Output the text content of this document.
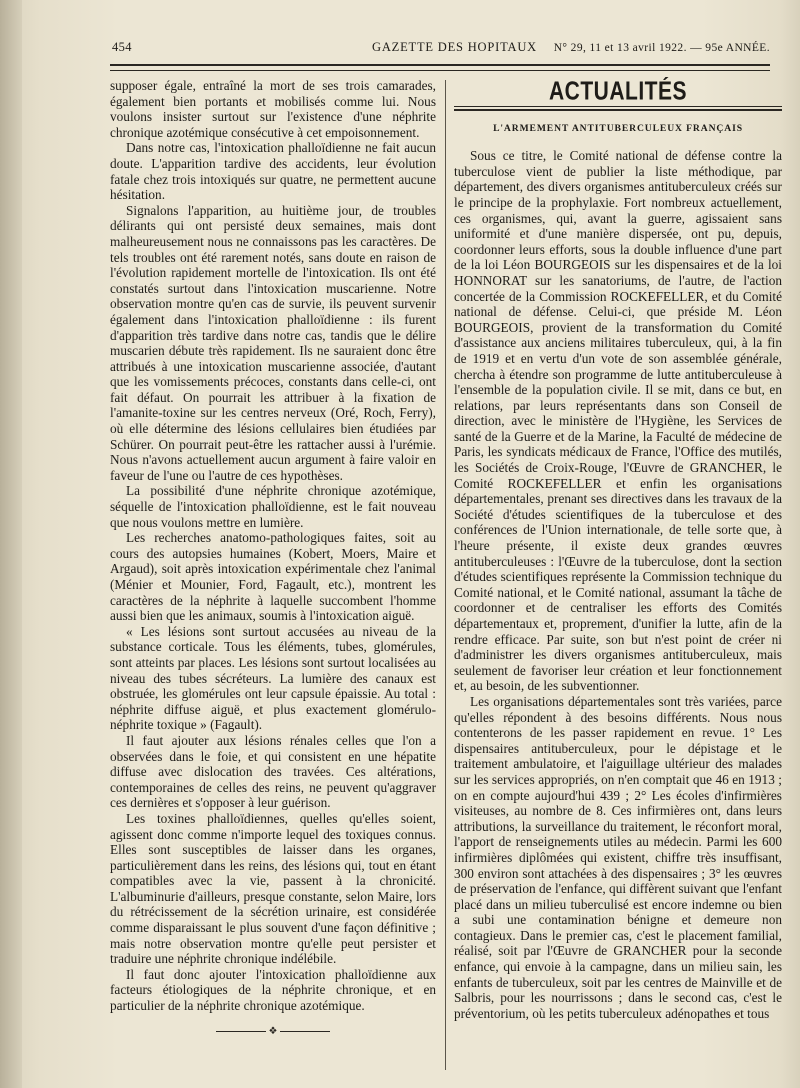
454	GAZETTE DES HOPITAUX N° 29, 11 et 13 avril 1922. — 95e ANNÉE.

supposer égale, entraîné la mort de ses trois camarades, également bien portants et mobilisés comme lui. Nous voulons insister surtout sur l'existence d'une néphrite chronique azotémique consécutive à cet empoisonnement.

Dans notre cas, l'intoxication phalloïdienne ne fait aucun doute. L'apparition tardive des accidents, leur évolution fatale chez trois intoxiqués sur quatre, ne permettent aucune hésitation.

Signalons l'apparition, au huitième jour, de troubles délirants qui ont persisté deux semaines, mais dont malheureusement nous ne connaissons pas les caractères. De tels troubles ont été rarement notés, sans doute en raison de l'évolution rapidement mortelle de l'intoxication. Ils ont été constatés surtout dans l'intoxication muscarienne. Notre observation montre qu'en cas de survie, ils peuvent survenir également dans l'intoxication phalloïdienne : ils furent d'apparition très tardive dans notre cas, tandis que le délire muscarien débute très rapidement. Ils ne sauraient donc être attribués à une intoxication muscarienne associée, d'autant que les vomissements précoces, constants dans celle-ci, ont fait défaut. On pourrait les attribuer à la fixation de l'amanite-toxine sur les centres nerveux (Oré, Roch, Ferry), où elle détermine des lésions cellulaires bien étudiées par Schürer. On pourrait peut-être les rattacher aussi à l'urémie. Nous n'avons actuellement aucun argument à faire valoir en faveur de l'une ou l'autre de ces hypothèses.

La possibilité d'une néphrite chronique azotémique, séquelle de l'intoxication phalloïdienne, est le fait nouveau que nous voulons mettre en lumière.

Les recherches anatomo-pathologiques faites, soit au cours des autopsies humaines (Kobert, Moers, Maire et Argaud), soit après intoxication expérimentale chez l'animal (Ménier et Mounier, Ford, Fagault, etc.), montrent les caractères de la néphrite à laquelle succombent l'homme aussi bien que les animaux, soumis à l'intoxication aiguë.

« Les lésions sont surtout accusées au niveau de la substance corticale. Tous les éléments, tubes, glomérules, sont atteints par places. Les lésions sont surtout localisées au niveau des tubes sécréteurs. La lumière des canaux est obstruée, les glomérules ont leur capsule épaissie. Au total : néphrite diffuse aiguë, et plus exactement glomérulo-néphrite toxique » (Fagault).

Il faut ajouter aux lésions rénales celles que l'on a observées dans le foie, et qui consistent en une hépatite diffuse avec dislocation des travées. Ces altérations, contemporaines de celles des reins, ne peuvent qu'aggraver ces dernières et s'opposer à leur guérison.

Les toxines phalloïdiennes, quelles qu'elles soient, agissent donc comme n'importe lequel des toxiques connus. Elles sont susceptibles de laisser dans les organes, particulièrement dans les reins, des lésions qui, tout en étant compatibles avec la vie, passent à la chronicité. L'albuminurie d'ailleurs, presque constante, selon Maire, lors du rétrécissement de la sécrétion urinaire, est considérée comme disparaissant le plus souvent d'une façon définitive ; mais notre observation montre qu'elle peut persister et traduire une néphrite chronique indélébile.

Il faut donc ajouter l'intoxication phalloïdienne aux facteurs étiologiques de la néphrite chronique, et en particulier de la néphrite chronique azotémique.

❖
ACTUALITÉS
L'ARMEMENT ANTITUBERCULEUX FRANÇAIS

Sous ce titre, le Comité national de défense contre la tuberculose vient de publier la liste méthodique, par département, des divers organismes antituberculeux créés sur le principe de la prophylaxie. Fort nombreux actuellement, ces organismes, qui, avant la guerre, agissaient sans uniformité et d'une manière dispersée, ont pu, depuis, coordonner leurs efforts, sous la double influence d'une part de la loi Léon BOURGEOIS sur les dispensaires et de la loi HONNORAT sur les sanatoriums, de l'autre, de l'action concertée de la Commission ROCKEFELLER, et du Comité national de défense. Celui-ci, que préside M. Léon BOURGEOIS, provient de la transformation du Comité d'assistance aux anciens militaires tuberculeux, qui, à la fin de 1919 et en vertu d'un vote de son assemblée générale, chercha à étendre son programme de lutte antituberculeuse à l'ensemble de la population civile. Il se mit, dans ce but, en relations, par leurs représentants dans son Conseil de direction, avec le ministère de l'Hygiène, les Services de santé de la Guerre et de la Marine, la Faculté de médecine de Paris, les syndicats médicaux de France, l'Office des mutilés, les Sociétés de Croix-Rouge, l'Œuvre de GRANCHER, le Comité ROCKEFELLER et enfin les organisations départementales, prenant ses directives dans les travaux de la Société d'études scientifiques de la tuberculose et des conférences de l'Union internationale, de telle sorte que, à l'heure présente, il existe deux grandes œuvres antituberculeuses : l'Œuvre de la tuberculose, dont la section d'études scientifiques représente la Commission technique du Comité national, et le Comité national, assumant la tâche de coordonner et de centraliser les efforts des Comités départementaux et, proprement, d'unifier la lutte, afin de la rendre efficace. Par suite, son but n'est point de créer ni d'administrer les divers organismes antituberculeux, mais seulement de favoriser leur création et leur fonctionnement et, au besoin, de les subventionner.

Les organisations départementales sont très variées, parce qu'elles répondent à des besoins différents. Nous nous contenterons de les passer rapidement en revue. 1° Les dispensaires antituberculeux, pour le dépistage et le traitement ambulatoire, et l'aiguillage ultérieur des malades sur les services appropriés, on n'en comptait que 46 en 1913 ; on en compte aujourd'hui 439 ; 2° Les écoles d'infirmières visiteuses, au nombre de 8. Ces infirmières ont, dans leurs attributions, la surveillance du traitement, le réconfort moral, l'apport de renseignements utiles au médecin. Parmi les 600 infirmières diplômées qui existent, chiffre très insuffisant, 300 environ sont attachées à des dispensaires ; 3° les œuvres de préservation de l'enfance, qui diffèrent suivant que l'enfant placé dans un milieu tuberculisé est encore indemne ou bien a subi une contamination bénigne et demeure non contagieux. Dans le premier cas, c'est le placement familial, réalisé, soit par l'Œuvre de GRANCHER pour la seconde enfance, qui envoie à la campagne, dans un milieu sain, les enfants de tuberculeux, soit par les centres de Mainville et de Salbris, pour les nourrissons ; dans le second cas, c'est le préventorium, où les petits tuberculeux adénopathes et tous
